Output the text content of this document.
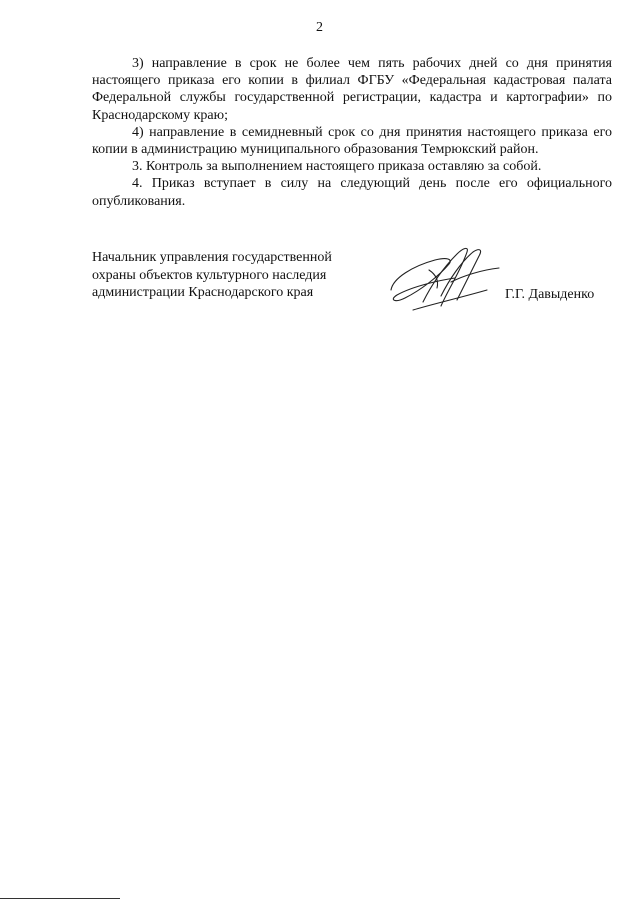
2

3) направление в срок не более чем пять рабочих дней со дня принятия настоящего приказа его копии в филиал ФГБУ «Федеральная кадастровая палата Федеральной службы государственной регистрации, кадастра и картографии» по Краснодарскому краю;

4) направление в семидневный срок со дня принятия настоящего приказа его копии в администрацию муниципального образования Темрюкский район.

3. Контроль за выполнением настоящего приказа оставляю за собой.

4. Приказ вступает в силу на следующий день после его официального опубликования.

Начальник управления государственной
охраны объектов культурного наследия
администрации Краснодарского края	Г.Г. Давыденко
